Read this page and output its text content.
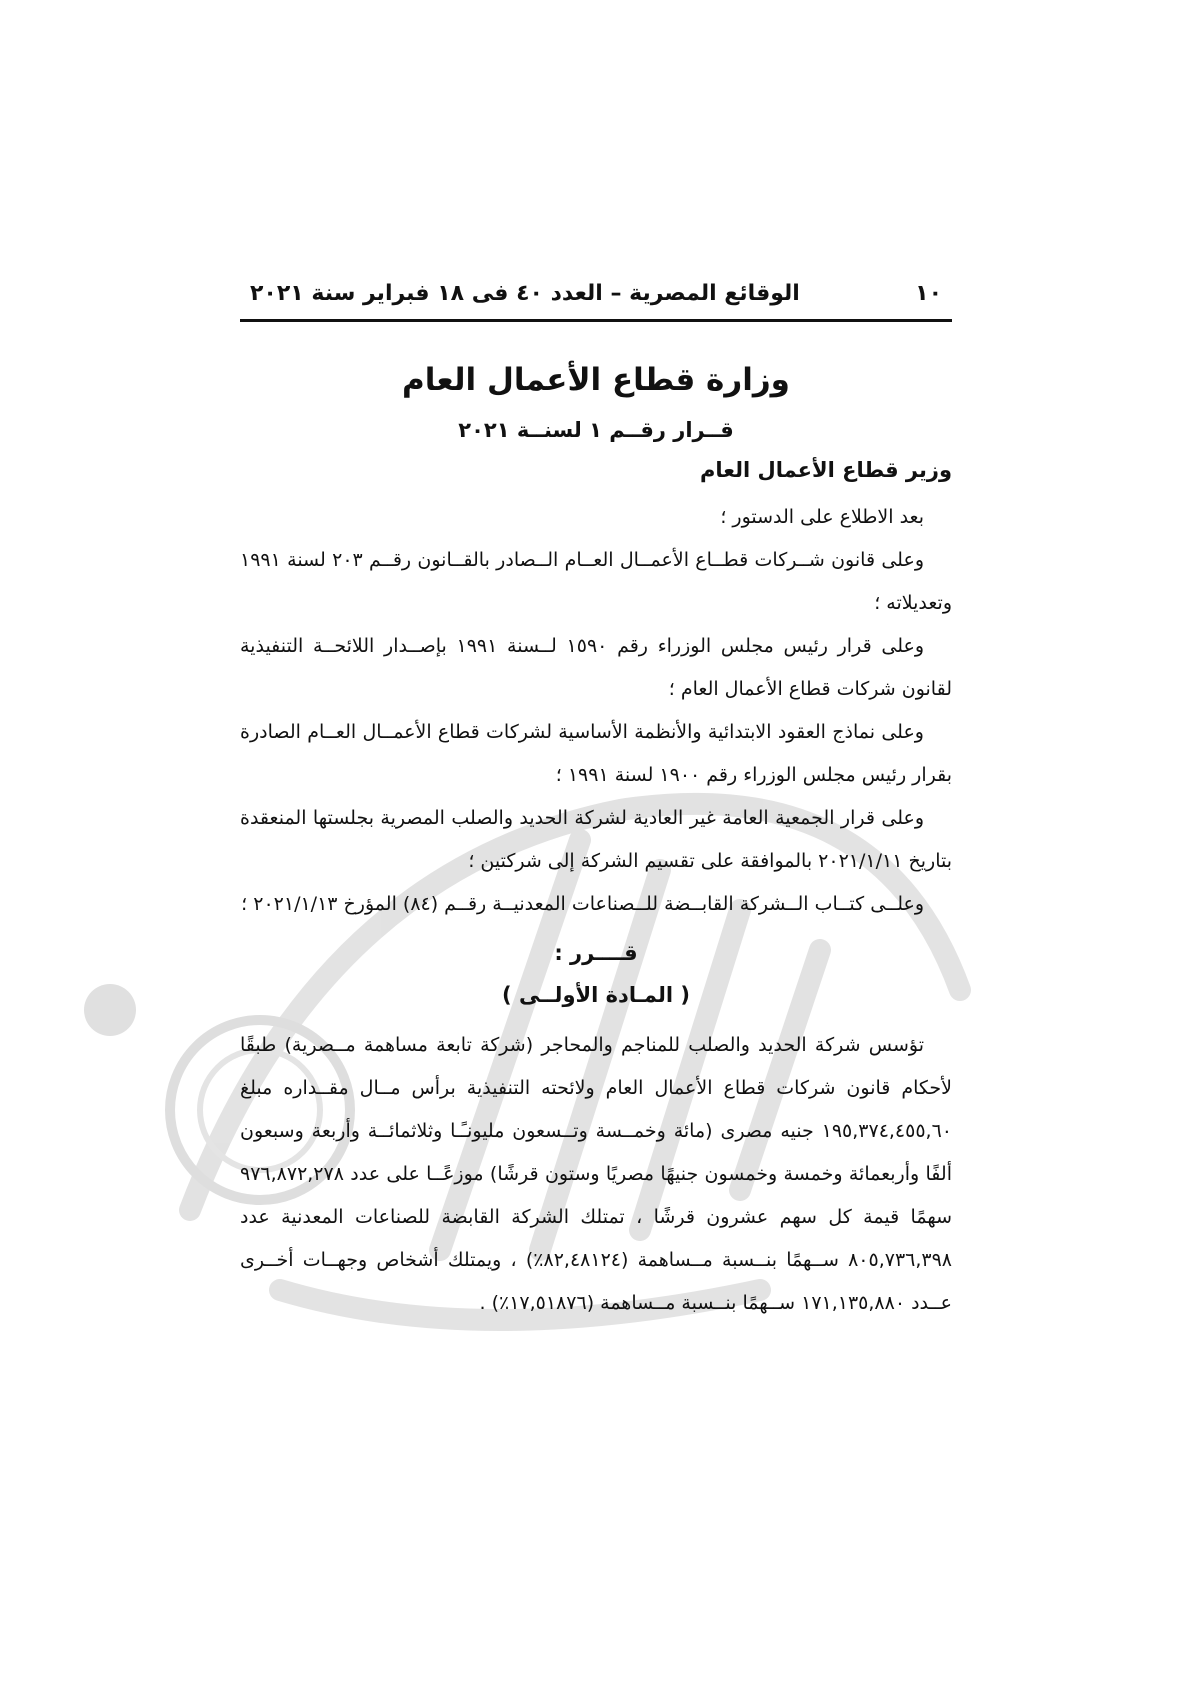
١٠
الوقائع المصرية – العدد ٤٠ فى ١٨ فبراير سنة ٢٠٢١
وزارة قطاع الأعمال العام
قــرار رقــم ١ لسنــة ٢٠٢١
وزير قطاع الأعمال العام

بعد الاطلاع على الدستور ؛

وعلى قانون شــركات قطــاع الأعمــال العــام الــصادر بالقــانون رقــم ٢٠٣ لسنة ١٩٩١ وتعديلاته ؛

وعلى قرار رئيس مجلس الوزراء رقم ١٥٩٠ لــسنة ١٩٩١ بإصــدار اللائحــة التنفيذية لقانون شركات قطاع الأعمال العام ؛

وعلى نماذج العقود الابتدائية والأنظمة الأساسية لشركات قطاع الأعمــال العــام الصادرة بقرار رئيس مجلس الوزراء رقم ١٩٠٠ لسنة ١٩٩١ ؛

وعلى قرار الجمعية العامة غير العادية لشركة الحديد والصلب المصرية بجلستها المنعقدة بتاريخ ٢٠٢١/١/١١ بالموافقة على تقسيم الشركة إلى شركتين ؛

وعلــى كتــاب الــشركة القابــضة للــصناعات المعدنيــة رقــم (٨٤) المؤرخ ٢٠٢١/١/١٣ ؛

قــــرر :
( المـادة الأولــى )

تؤسس شركة الحديد والصلب للمناجم والمحاجر (شركة تابعة مساهمة مــصرية) طبقًا لأحكام قانون شركات قطاع الأعمال العام ولائحته التنفيذية برأس مــال مقــداره مبلغ ١٩٥,٣٧٤,٤٥٥,٦٠ جنيه مصرى (مائة وخمــسة وتــسعون مليونـًـا وثلاثمائــة وأربعة وسبعون ألفًا وأربعمائة وخمسة وخمسون جنيهًا مصريًا وستون قرشًا) موزعًــا على عدد ٩٧٦,٨٧٢,٢٧٨ سهمًا قيمة كل سهم عشرون قرشًا ، تمتلك الشركة القابضة للصناعات المعدنية عدد ٨٠٥,٧٣٦,٣٩٨ ســهمًا بنــسبة مــساهمة (٨٢,٤٨١٢٤٪) ، ويمتلك أشخاص وجهــات أخــرى عــدد ١٧١,١٣٥,٨٨٠ ســهمًا بنــسبة مــساهمة (١٧,٥١٨٧٦٪) .
